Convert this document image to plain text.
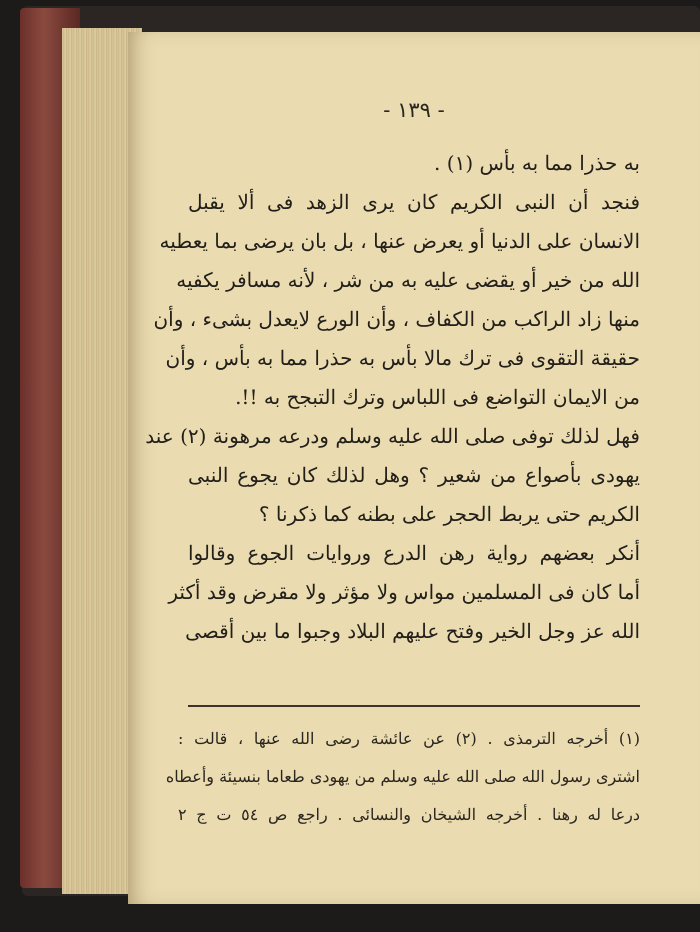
- ١٣٩ -
به حذرا مما به بأس (١) .
فنجد أن النبى الكريم كان يرى الزهد فى ألا يقبل
الانسان على الدنيا أو يعرض عنها ، بل بان يرضى بما يعطيه
الله من خير أو يقضى عليه به من شر ، لأنه مسافر يكفيه
منها زاد الراكب من الكفاف ، وأن الورع لايعدل بشىء ، وأن
حقيقة التقوى فى ترك مالا بأس به حذرا مما به بأس ، وأن
من الايمان التواضع فى اللباس وترك التبجح به !!.
فهل لذلك توفى صلى الله عليه وسلم ودرعه مرهونة (٢) عند
يهودى بأصواع من شعير ؟ وهل لذلك كان يجوع النبى
الكريم حتى يربط الحجر على بطنه كما ذكرنا ؟
أنكر بعضهم رواية رهن الدرع وروايات الجوع وقالوا
أما كان فى المسلمين مواس ولا مؤثر ولا مقرض وقد أكثر
الله عز وجل الخير وفتح عليهم البلاد وجبوا ما بين أقصى
(١) أخرجه الترمذى . (٢) عن عائشة رضى الله عنها ، قالت :
اشترى رسول الله صلى الله عليه وسلم من يهودى طعاما بنسيئة وأعطاه
درعا له رهنا . أخرجه الشيخان والنسائى . راجع ص ٥٤ ت ج ٢
